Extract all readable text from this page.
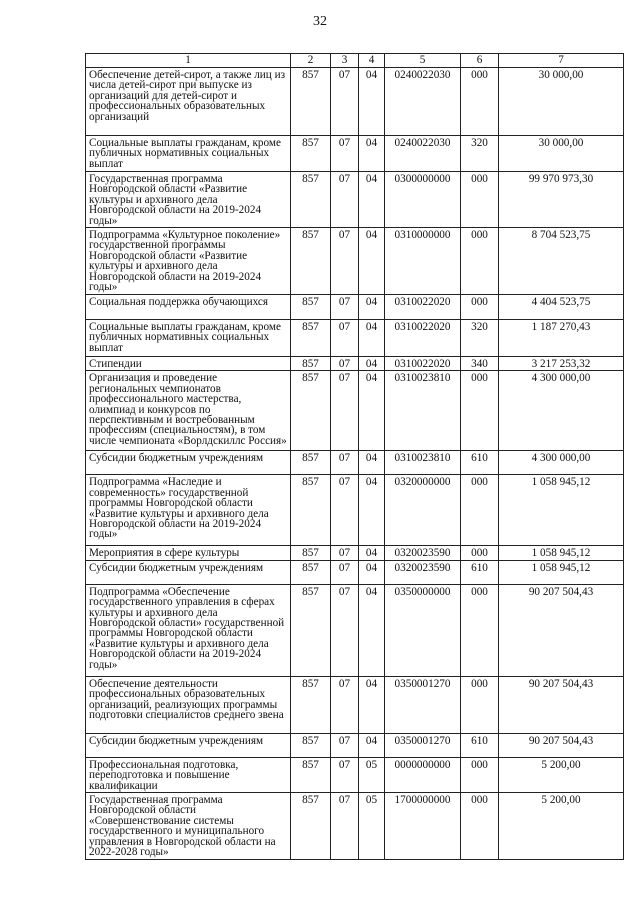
32
1	2	3	4	5	6	7
Обеспечение детей-сирот, а также лиц из числа детей-сирот при выпуске из организаций для детей-сирот и профессиональных образовательных организаций	857	07	04	0240022030	000	30 000,00
Социальные выплаты гражданам, кроме публичных нормативных социальных выплат	857	07	04	0240022030	320	30 000,00
Государственная программа Новгородской области «Развитие культуры и архивного дела Новгородской области на 2019-2024 годы»	857	07	04	0300000000	000	99 970 973,30
Подпрограмма «Культурное поколение» государственной программы Новгородской области «Развитие культуры и архивного дела Новгородской области на 2019-2024 годы»	857	07	04	0310000000	000	8 704 523,75
Социальная поддержка обучающихся	857	07	04	0310022020	000	4 404 523,75
Социальные выплаты гражданам, кроме публичных нормативных социальных выплат	857	07	04	0310022020	320	1 187 270,43
Стипендии	857	07	04	0310022020	340	3 217 253,32
Организация и проведение региональных чемпионатов профессионального мастерства, олимпиад и конкурсов по перспективным и востребованным профессиям (специальностям), в том числе чемпионата «Ворлдскиллс Россия»	857	07	04	0310023810	000	4 300 000,00
Субсидии бюджетным учреждениям	857	07	04	0310023810	610	4 300 000,00
Подпрограмма «Наследие и современность» государственной программы Новгородской области «Развитие культуры и архивного дела Новгородской области на 2019-2024 годы»	857	07	04	0320000000	000	1 058 945,12
Мероприятия в сфере культуры	857	07	04	0320023590	000	1 058 945,12
Субсидии бюджетным учреждениям	857	07	04	0320023590	610	1 058 945,12
Подпрограмма «Обеспечение государственного управления в сферах культуры и архивного дела Новгородской области» государственной программы Новгородской области «Развитие культуры и архивного дела Новгородской области на 2019-2024 годы»	857	07	04	0350000000	000	90 207 504,43
Обеспечение деятельности профессиональных образовательных организаций, реализующих программы подготовки специалистов среднего звена	857	07	04	0350001270	000	90 207 504,43
Субсидии бюджетным учреждениям	857	07	04	0350001270	610	90 207 504,43
Профессиональная подготовка, переподготовка и повышение квалификации	857	07	05	0000000000	000	5 200,00
Государственная программа Новгородской области «Совершенствование системы государственного и муниципального управления в Новгородской области на 2022-2028 годы»	857	07	05	1700000000	000	5 200,00
